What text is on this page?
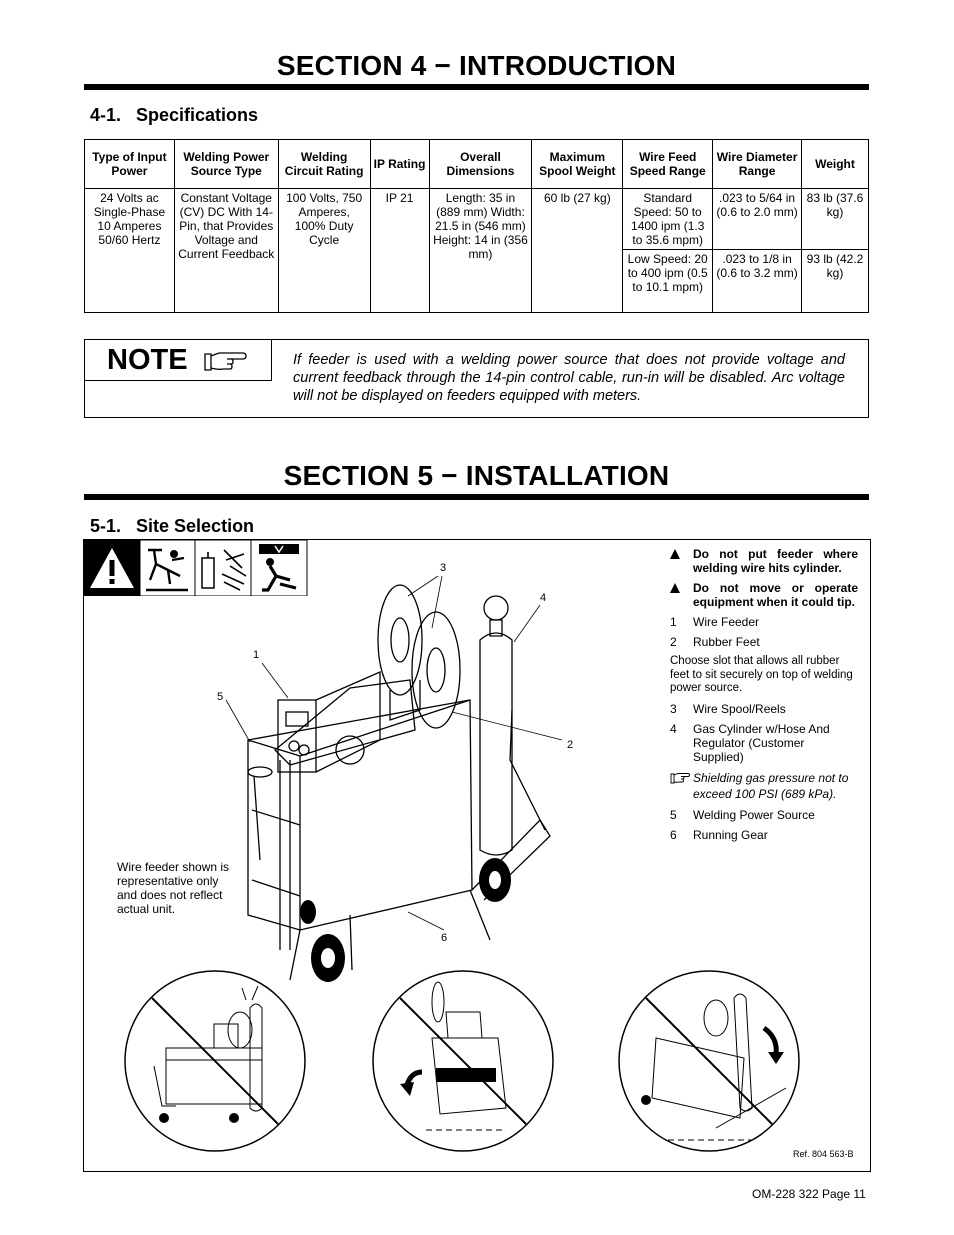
SECTION 4 − INTRODUCTION
4-1.   Specifications
Type of Input Power	Welding Power Source Type	Welding Circuit Rating	IP Rating	Overall Dimensions	Maximum Spool Weight	Wire Feed Speed Range	Wire Diameter Range	Weight
24 Volts ac Single-Phase 10 Amperes 50/60 Hertz	Constant Voltage (CV) DC With 14-Pin, that Provides Voltage and Current Feedback	100 Volts, 750 Amperes, 100% Duty Cycle	IP 21	Length: 35 in (889 mm) Width: 21.5 in (546 mm) Height: 14 in (356 mm)	60 lb (27 kg)	Standard Speed: 50 to 1400 ipm (1.3 to 35.6 mpm)	.023 to 5/64 in (0.6 to 2.0 mm)	83 lb (37.6 kg)
						Low Speed: 20 to 400 ipm (0.5 to 10.1 mpm)	.023 to 1/8 in (0.6 to 3.2 mm)	93 lb (42.2 kg)
NOTE	If feeder is used with a welding power source that does not provide voltage and current feedback through the 14-pin control cable, run-in will be disabled. Arc voltage will not be displayed on feeders equipped with meters.
SECTION 5 − INSTALLATION
5-1.   Site Selection
1
5
3
4
2
6
Wire feeder shown is representative only and does not reflect actual unit.
Do not put feeder where welding wire hits cylinder.
Do not move or operate equipment when it could tip.
1 Wire Feeder
2 Rubber Feet
Choose slot that allows all rubber feet to sit securely on top of welding power source.
3 Wire Spool/Reels
4 Gas Cylinder w/Hose And Regulator (Customer Supplied)
Shielding gas pressure not to exceed 100 PSI (689 kPa).
5 Welding Power Source
6 Running Gear
Ref. 804 563-B
OM-228 322 Page 11
